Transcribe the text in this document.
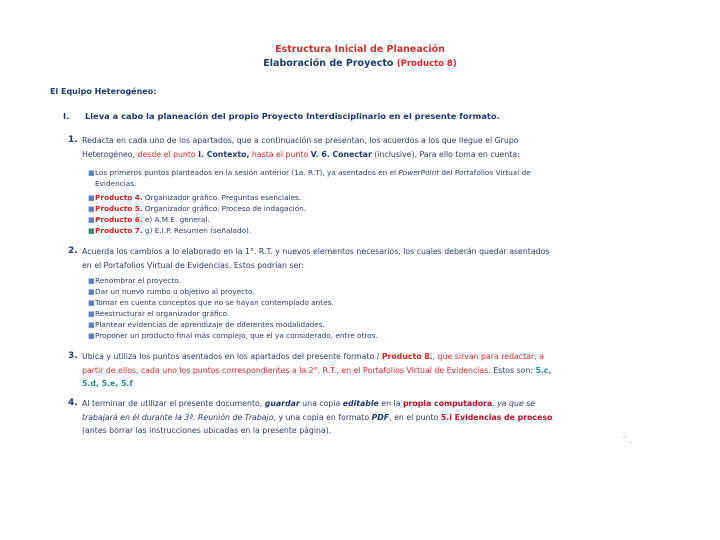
Estructura Inicial de Planeación
Elaboración de Proyecto (Producto 8)
El Equipo Heterogéneo:
I. Lleva a cabo la planeación del propio Proyecto Interdisciplinario en el presente formato.
1. Redacta en cada uno de los apartados, que a continuación se presentan, los acuerdos a los que llegue el Grupo
Heterogéneo, desde el punto I. Contexto, hasta el punto V. 6. Conectar (inclusive). Para ello toma en cuenta:
■ Los primeros puntos planteados en la sesión anterior (1a. R.T), ya asentados en el PowerPoint del Portafolios Virtual de
Evidencias.
■ Producto 4. Organizador gráfico. Preguntas esenciales.
■ Producto 5. Organizador gráfico. Proceso de indagación.
■ Producto 6. e) A.M.E. general.
■ Producto 7. g) E.I.P. Resumen (señalado).
2. Acuerda los cambios a lo elaborado en la 1°. R.T. y nuevos elementos necesarios, los cuales deberán quedar asentados
en el Portafolios Virtual de Evidencias. Estos podrían ser:
■ Renombrar el proyecto.
■ Dar un nuevo rumbo u objetivo al proyecto.
■ Tomar en cuenta conceptos que no se hayan contemplado antes.
■ Reestructurar el organizador gráfico.
■ Plantear evidencias de aprendizaje de diferentes modalidades.
■ Proponer un producto final más complejo, que el ya considerado, entre otros.
3. Ubica y utiliza los puntos asentados en los apartados del presente formato / Producto 8., que sirvan para redactar, a
partir de ellos, cada uno los puntos correspondientes a la 2°. R.T., en el Portafolios Virtual de Evidencias. Estos son: 5.c,
5.d, 5.e, 5.f
4. Al terminar de utilizar el presente documento, guardar una copia editable en la propia computadora, ya que se
trabajará en él durante la 3ª. Reunión de Trabajo, y una copia en formato PDF, en el punto 5.i Evidencias de proceso
(antes borrar las instrucciones ubicadas en la presente página).
^ _
